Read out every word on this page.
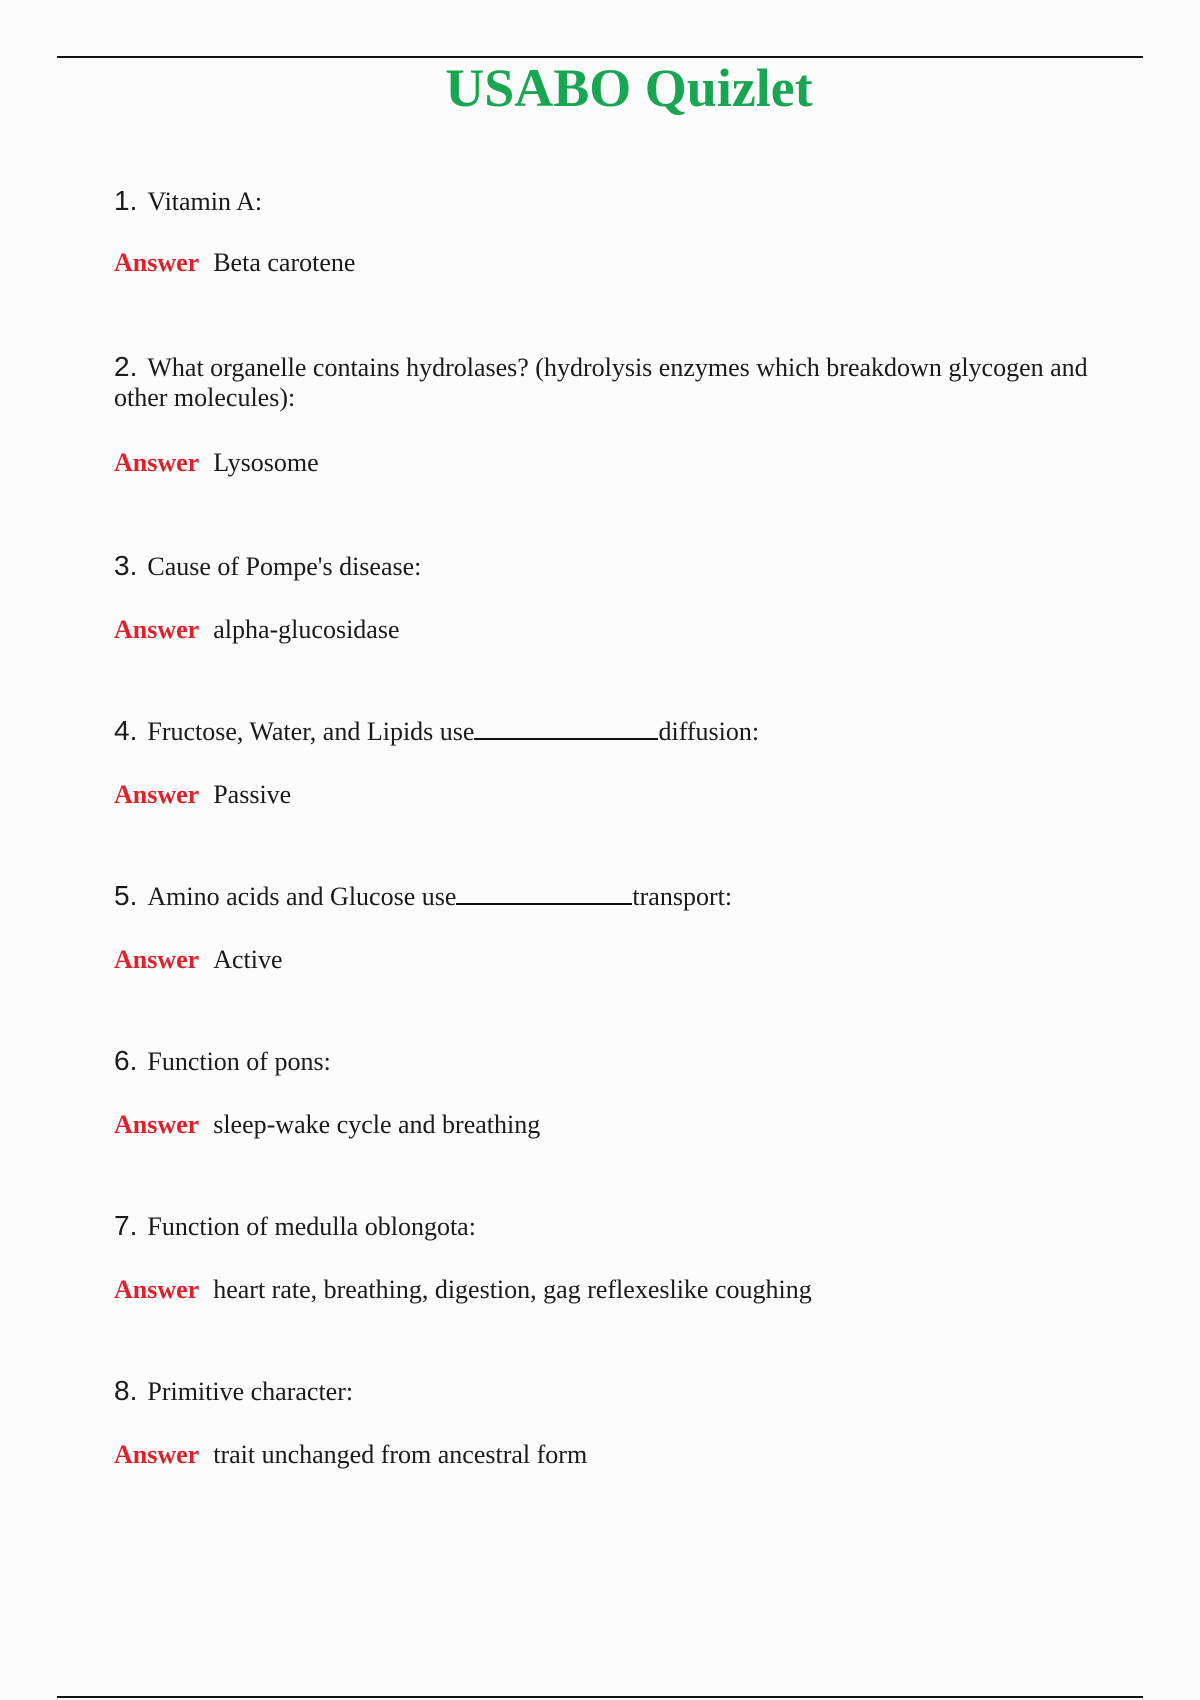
USABO Quizlet

1. Vitamin A:

Answer Beta carotene

2. What organelle contains hydrolases? (hydrolysis enzymes which breakdown glycogen and other molecules):

Answer Lysosome

3. Cause of Pompe's disease:

Answer alpha-glucosidase

4. Fructose, Water, and Lipids use	diffusion:

Answer Passive

5. Amino acids and Glucose use	transport:

Answer Active

6. Function of pons:

Answer sleep-wake cycle and breathing

7. Function of medulla oblongota:

Answer heart rate, breathing, digestion, gag reflexeslike coughing

8. Primitive character:

Answer trait unchanged from ancestral form
